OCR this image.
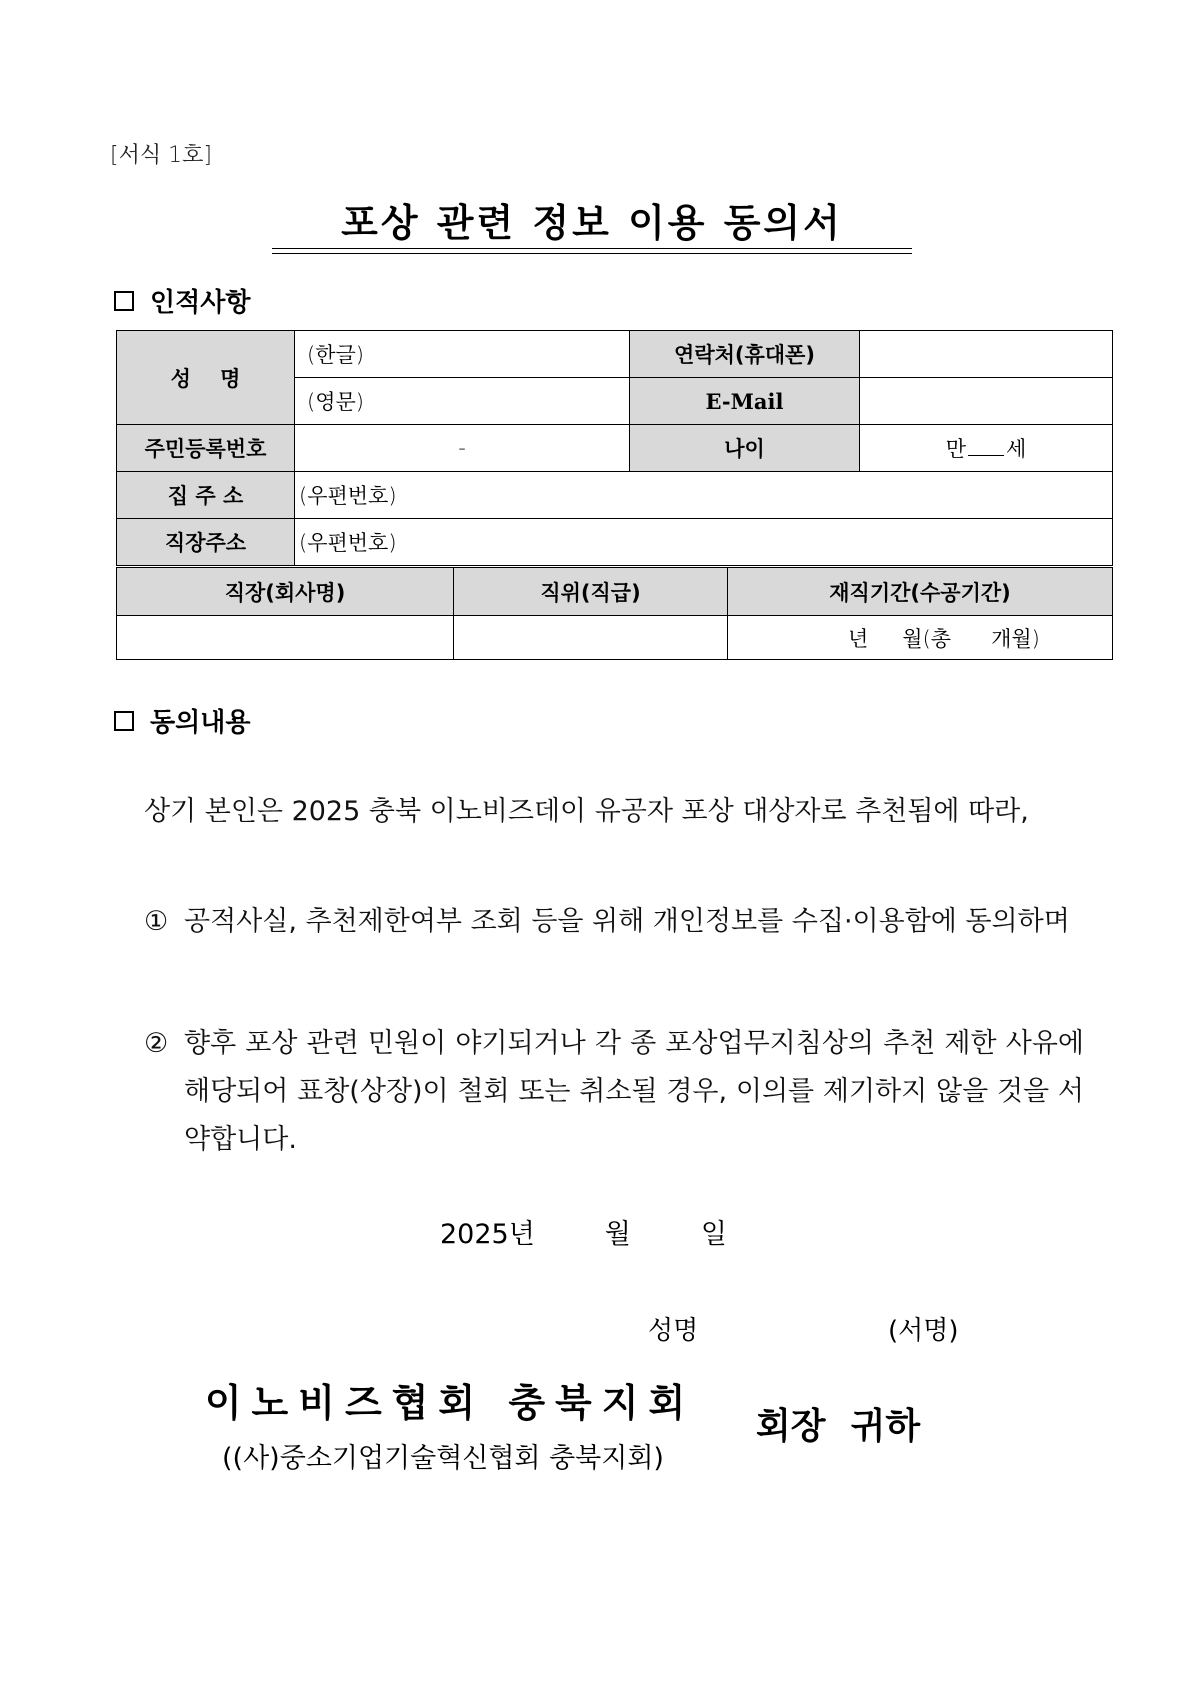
[서식 1호]
포상 관련 정보 이용 동의서
인적사항
성    명	(한글)	연락처(휴대폰)	
	(영문)	E-Mail	
주민등록번호	-	나이	만 세
집 주 소	(우편번호)		
직장주소	(우편번호)		
직장(회사명)	직위(직급)	재직기간(수공기간)
		년 월(총 개월)
동의내용
상기 본인은 2025 충북 이노비즈데이 유공자 포상 대상자로 추천됨에 따라,
① 공적사실, 추천제한여부 조회 등을 위해 개인정보를 수집·이용함에 동의하며
② 향후 포상 관련 민원이 야기되거나 각 종 포상업무지침상의 추천 제한 사유에 해당되어 표창(상장)이 철회 또는 취소될 경우, 이의를 제기하지 않을 것을 서약합니다.
2025년	월	일
성명	(서명)
이노비즈협회 충북지회
((사)중소기업기술혁신협회 충북지회)
회장  귀하
